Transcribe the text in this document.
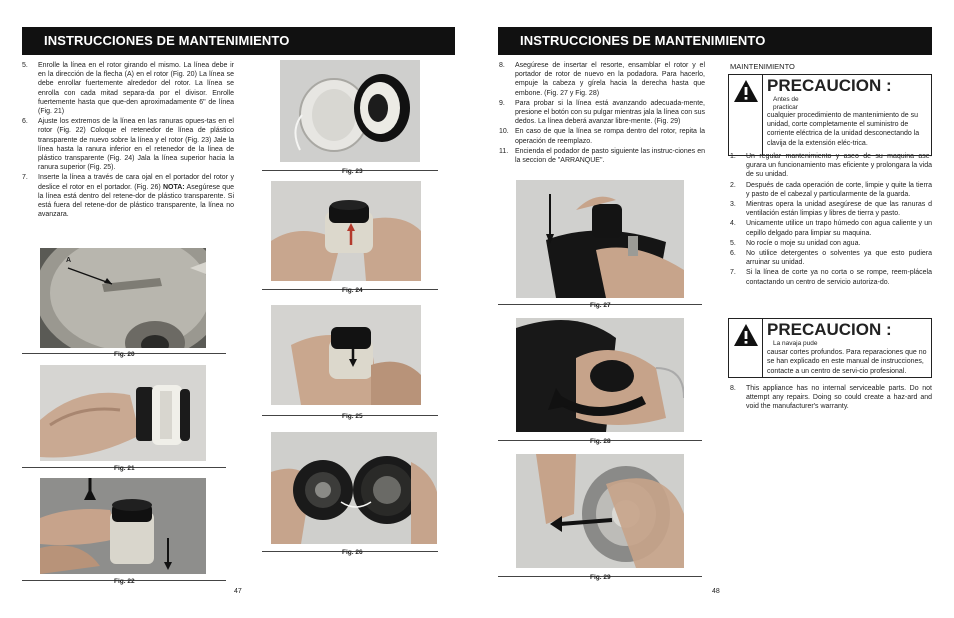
INSTRUCCIONES DE MANTENIMIENTO
5. Enrolle la línea en el rotor girando el mismo. La línea debe ir en la dirección de la flecha (A) en el rotor (Fig. 20) La línea se debe enrollar fuertemente alrededor del rotor. La línea se enrolla con cada mitad separa-da por el divisor. Enrolle fuertemente hasta que que-den aproximadamente 6" de línea (Fig. 21)
6. Ajuste los extremos de la línea en las ranuras opues-tas en el rotor (Fig. 22) Coloque el retenedor de línea de plástico transparente de nuevo sobre la línea y el rotor (Fig. 23) Jale la línea hasta la ranura inferior en el retenedor de la línea de plástico transparente (Fig. 24) Jala la línea superior hacia la ranura superior (Fig. 25).
7. Inserte la línea a través de cara ojal en el portador del rotor y deslice el rotor en el portador. (Fig. 26) NOTA: Asegúrese que la línea está dentro del retene-dor de plástico transparente. Si está fuera del retene-dor de plástico transparente, la línea no avanzara.
A
Fig. 20
Fig. 21
Fig. 22
Fig. 23
Fig. 24
Fig. 25
Fig. 26
47
INSTRUCCIONES DE MANTENIMIENTO
8. Asegúrese de insertar el resorte, ensamblar el rotor y el portador de rotor de nuevo en la podadora. Para hacerlo, empuje la cabeza y gírela hacia la derecha hasta que embone. (Fig. 27 y Fig. 28)
9. Para probar si la línea está avanzando adecuada-mente, presione el botón con su pulgar mientras jala la línea con sus dedos. La línea deberá avanzar libre-mente. (Fig. 29)
10. En caso de que la línea se rompa dentro del rotor, repita la operación de reemplazo.
11. Encienda el podador de pasto siguiente las instruc-ciones en la seccion de "ARRANQUE".
Fig. 27
Fig. 28
Fig. 29
MAINTENIMIENTO
PRECAUCION :Antes de practicar
cualquier procedimiento de mantenimiento de su unidad, corte completamente el suministro de corriente eléctrica de la unidad desconectando la clavija de la extensión eléc-trica.
1. Un regular mantenimiento y aseo de su maquina ase-gurara un funcionamiento mas eficiente y prolongara la vida de su unidad.
2. Después de cada operación de corte, limpie y quite la tierra y pasto de el cabezal y particularmente de la guarda.
3. Mientras opera la unidad asegúrese de que las ranuras d ventilación están limpias y libres de tierra y pasto.
4. Unicamente utilice un trapo húmedo con agua caliente y un cepillo delgado para limpiar su maquina.
5. No rocíe o moje su unidad con agua.
6. No utilice detergentes o solventes ya que esto pudiera arruinar su unidad.
7. Si la línea de corte ya no corta o se rompe, reem-plácela contactando un centro de servicio autoriza-do.
PRECAUCION :La navaja pude
causar cortes profundos. Para reparaciones que no se han explicado en este manual de instrucciones, contacte a un centro de servi-cio profesional.
8. This appliance has no internal serviceable parts. Do not attempt any repairs. Doing so could create a haz-ard and void the manufacturer's warranty.
48
